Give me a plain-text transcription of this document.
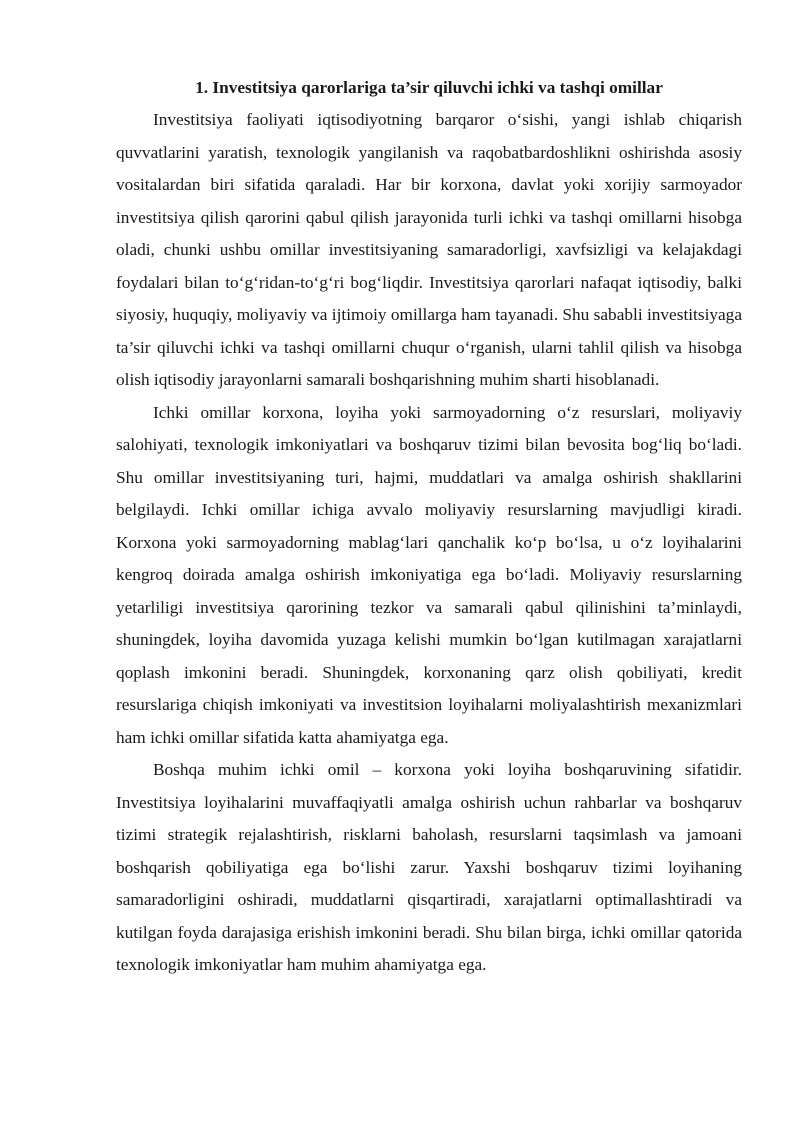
1. Investitsiya qarorlariga ta’sir qiluvchi ichki va tashqi omillar

Investitsiya faoliyati iqtisodiyotning barqaror o‘sishi, yangi ishlab chiqarish quvvatlarini yaratish, texnologik yangilanish va raqobatbardoshlikni oshirishda asosiy vositalardan biri sifatida qaraladi. Har bir korxona, davlat yoki xorijiy sarmoyador investitsiya qilish qarorini qabul qilish jarayonida turli ichki va tashqi omillarni hisobga oladi, chunki ushbu omillar investitsiyaning samaradorligi, xavfsizligi va kelajakdagi foydalari bilan to‘g‘ridan-to‘g‘ri bog‘liqdir. Investitsiya qarorlari nafaqat iqtisodiy, balki siyosiy, huquqiy, moliyaviy va ijtimoiy omillarga ham tayanadi. Shu sababli investitsiyaga ta’sir qiluvchi ichki va tashqi omillarni chuqur o‘rganish, ularni tahlil qilish va hisobga olish iqtisodiy jarayonlarni samarali boshqarishning muhim sharti hisoblanadi.

Ichki omillar korxona, loyiha yoki sarmoyadorning o‘z resurslari, moliyaviy salohiyati, texnologik imkoniyatlari va boshqaruv tizimi bilan bevosita bog‘liq bo‘ladi. Shu omillar investitsiyaning turi, hajmi, muddatlari va amalga oshirish shakllarini belgilaydi. Ichki omillar ichiga avvalo moliyaviy resurslarning mavjudligi kiradi. Korxona yoki sarmoyadorning mablag‘lari qanchalik ko‘p bo‘lsa, u o‘z loyihalarini kengroq doirada amalga oshirish imkoniyatiga ega bo‘ladi. Moliyaviy resurslarning yetarliligi investitsiya qarorining tezkor va samarali qabul qilinishini ta’minlaydi, shuningdek, loyiha davomida yuzaga kelishi mumkin bo‘lgan kutilmagan xarajatlarni qoplash imkonini beradi. Shuningdek, korxonaning qarz olish qobiliyati, kredit resurslariga chiqish imkoniyati va investitsion loyihalarni moliyalashtirish mexanizmlari ham ichki omillar sifatida katta ahamiyatga ega.

Boshqa muhim ichki omil – korxona yoki loyiha boshqaruvining sifatidir. Investitsiya loyihalarini muvaffaqiyatli amalga oshirish uchun rahbarlar va boshqaruv tizimi strategik rejalashtirish, risklarni baholash, resurslarni taqsimlash va jamoani boshqarish qobiliyatiga ega bo‘lishi zarur. Yaxshi boshqaruv tizimi loyihaning samaradorligini oshiradi, muddatlarni qisqartiradi, xarajatlarni optimallashtiradi va kutilgan foyda darajasiga erishish imkonini beradi. Shu bilan birga, ichki omillar qatorida texnologik imkoniyatlar ham muhim ahamiyatga ega.
